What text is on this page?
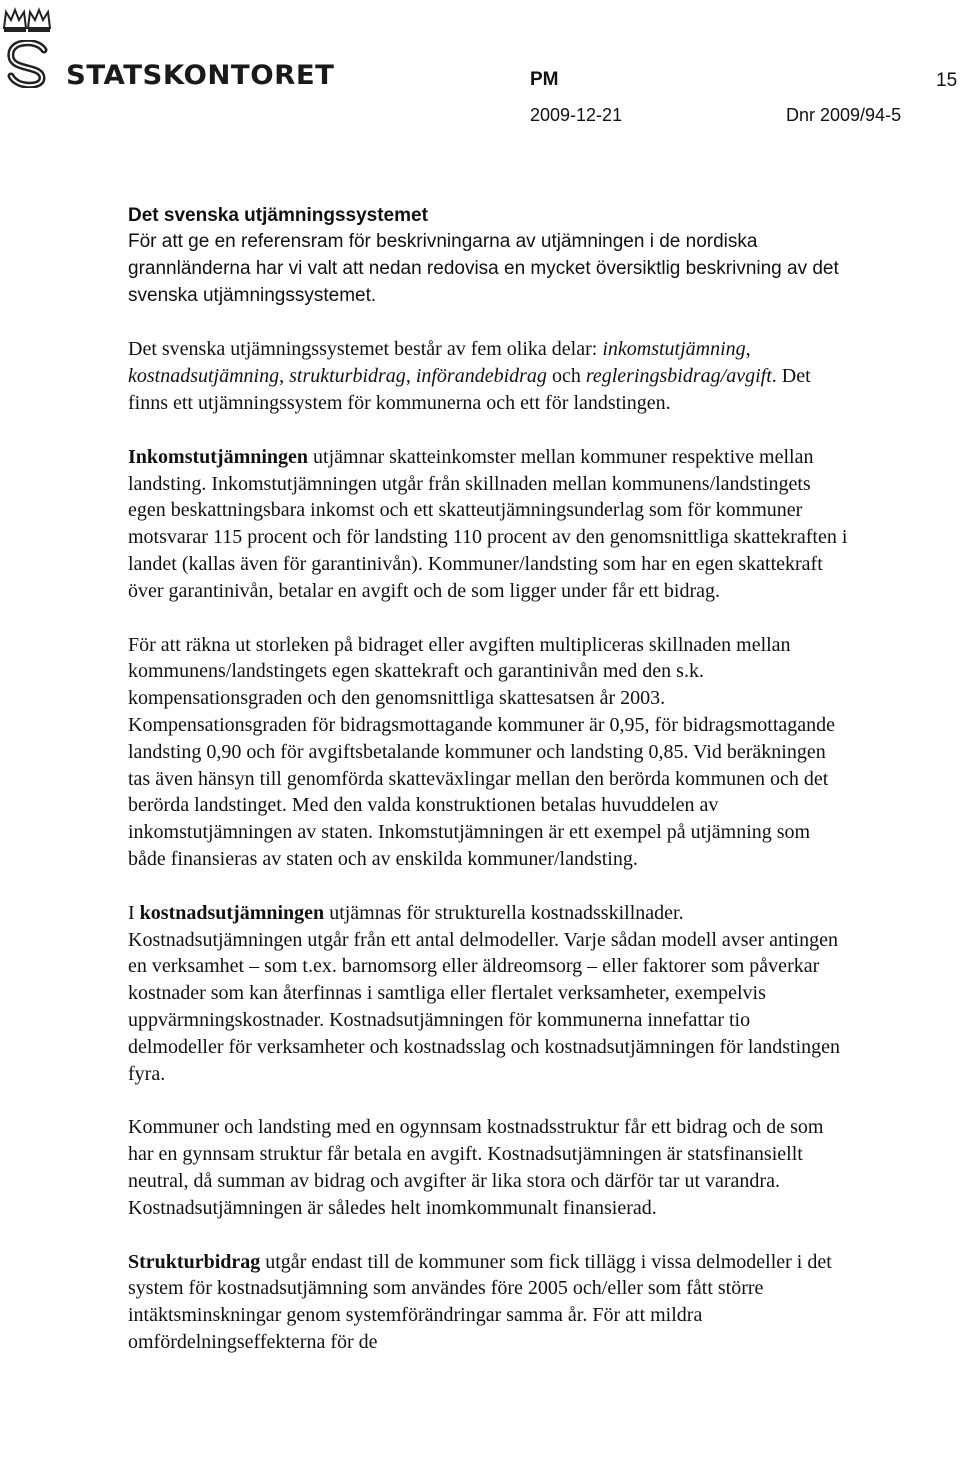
STATSKONTORET	PM	15
2009-12-21	Dnr 2009/94-5
Det svenska utjämningssystemet

För att ge en referensram för beskrivningarna av utjämningen i de nordiska grannländerna har vi valt att nedan redovisa en mycket översiktlig beskrivning av det svenska utjämningssystemet.

Det svenska utjämningssystemet består av fem olika delar: inkomstutjämning, kostnadsutjämning, strukturbidrag, införandebidrag och regleringsbidrag/avgift. Det finns ett utjämningssystem för kommunerna och ett för landstingen.

Inkomstutjämningen utjämnar skatteinkomster mellan kommuner respektive mellan landsting. Inkomstutjämningen utgår från skillnaden mellan kommunens/landstingets egen beskattningsbara inkomst och ett skatteutjämningsunderlag som för kommuner motsvarar 115 procent och för landsting 110 procent av den genomsnittliga skattekraften i landet (kallas även för garantinivån). Kommuner/landsting som har en egen skattekraft över garantinivån, betalar en avgift och de som ligger under får ett bidrag.

För att räkna ut storleken på bidraget eller avgiften multipliceras skillnaden mellan kommunens/landstingets egen skattekraft och garantinivån med den s.k. kompensationsgraden och den genomsnittliga skattesatsen år 2003. Kompensationsgraden för bidragsmottagande kommuner är 0,95, för bidragsmottagande landsting 0,90 och för avgiftsbetalande kommuner och landsting 0,85. Vid beräkningen tas även hänsyn till genomförda skatteväxlingar mellan den berörda kommunen och det berörda landstinget. Med den valda konstruktionen betalas huvuddelen av inkomstutjämningen av staten. Inkomstutjämningen är ett exempel på utjämning som både finansieras av staten och av enskilda kommuner/landsting.

I kostnadsutjämningen utjämnas för strukturella kostnadsskillnader. Kostnadsutjämningen utgår från ett antal delmodeller. Varje sådan modell avser antingen en verksamhet – som t.ex. barnomsorg eller äldreomsorg – eller faktorer som påverkar kostnader som kan återfinnas i samtliga eller flertalet verksamheter, exempelvis uppvärmningskostnader. Kostnadsutjämningen för kommunerna innefattar tio delmodeller för verksamheter och kostnadsslag och kostnadsutjämningen för landstingen fyra.

Kommuner och landsting med en ogynnsam kostnadsstruktur får ett bidrag och de som har en gynnsam struktur får betala en avgift. Kostnadsutjämningen är statsfinansiellt neutral, då summan av bidrag och avgifter är lika stora och därför tar ut varandra. Kostnadsutjämningen är således helt inomkommunalt finansierad.

Strukturbidrag utgår endast till de kommuner som fick tillägg i vissa delmodeller i det system för kostnadsutjämning som användes före 2005 och/eller som fått större intäktsminskningar genom systemförändringar samma år. För att mildra omfördelningseffekterna för de
